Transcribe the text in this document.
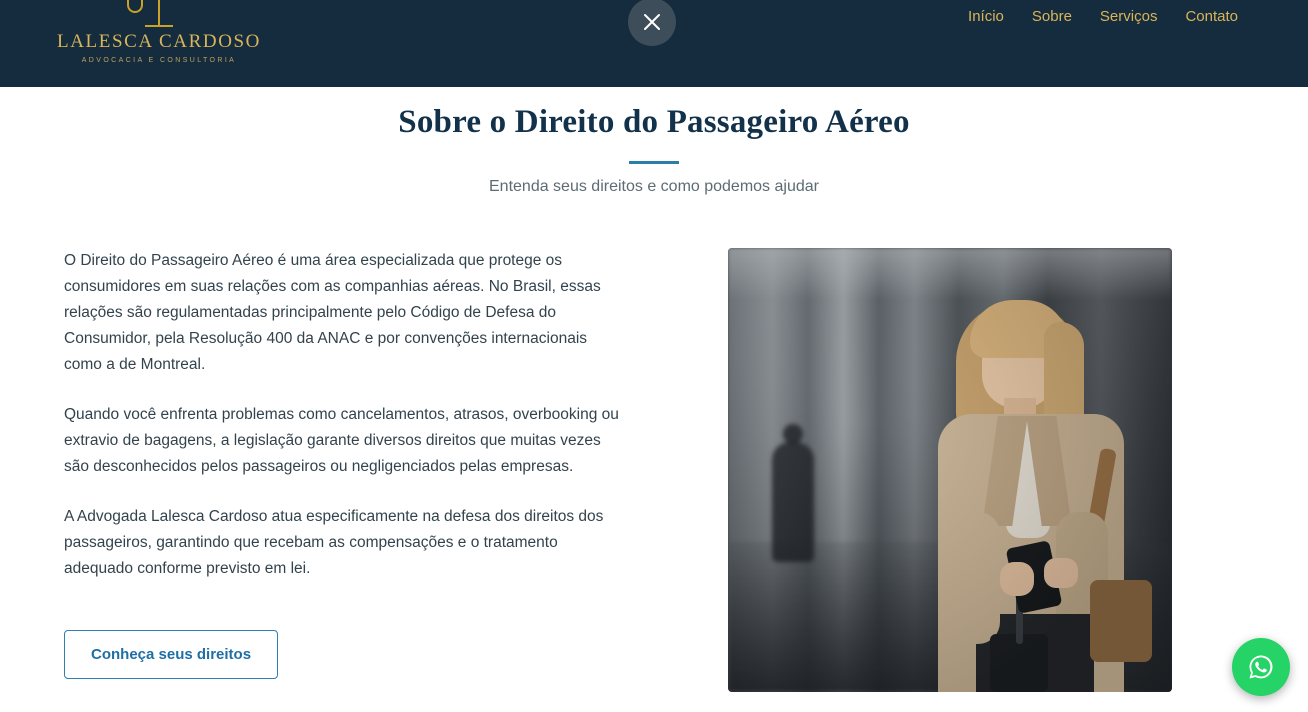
LALESCA CARDOSO
ADVOCACIA E CONSULTORIA
Início Sobre Serviços Contato
Sobre o Direito do Passageiro Aéreo
Entenda seus direitos e como podemos ajudar

O Direito do Passageiro Aéreo é uma área especializada que protege os consumidores em suas relações com as companhias aéreas. No Brasil, essas relações são regulamentadas principalmente pelo Código de Defesa do Consumidor, pela Resolução 400 da ANAC e por convenções internacionais como a de Montreal.

Quando você enfrenta problemas como cancelamentos, atrasos, overbooking ou extravio de bagagens, a legislação garante diversos direitos que muitas vezes são desconhecidos pelos passageiros ou negligenciados pelas empresas.

A Advogada Lalesca Cardoso atua especificamente na defesa dos direitos dos passageiros, garantindo que recebam as compensações e o tratamento adequado conforme previsto em lei.

Conheça seus direitos
